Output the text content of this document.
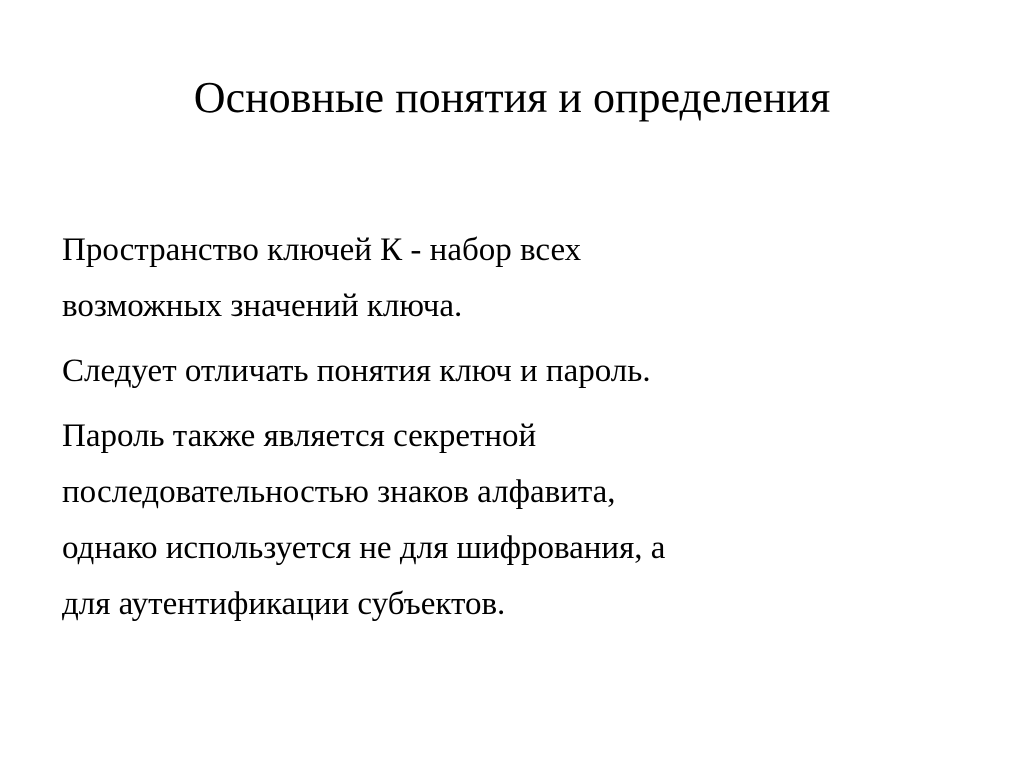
Основные понятия и определения

Пространство ключей К - набор всех
возможных значений ключа.

Следует отличать понятия ключ и пароль.

Пароль также является секретной
последовательностью знаков алфавита,
однако используется не для шифрования, а
для аутентификации субъектов.
